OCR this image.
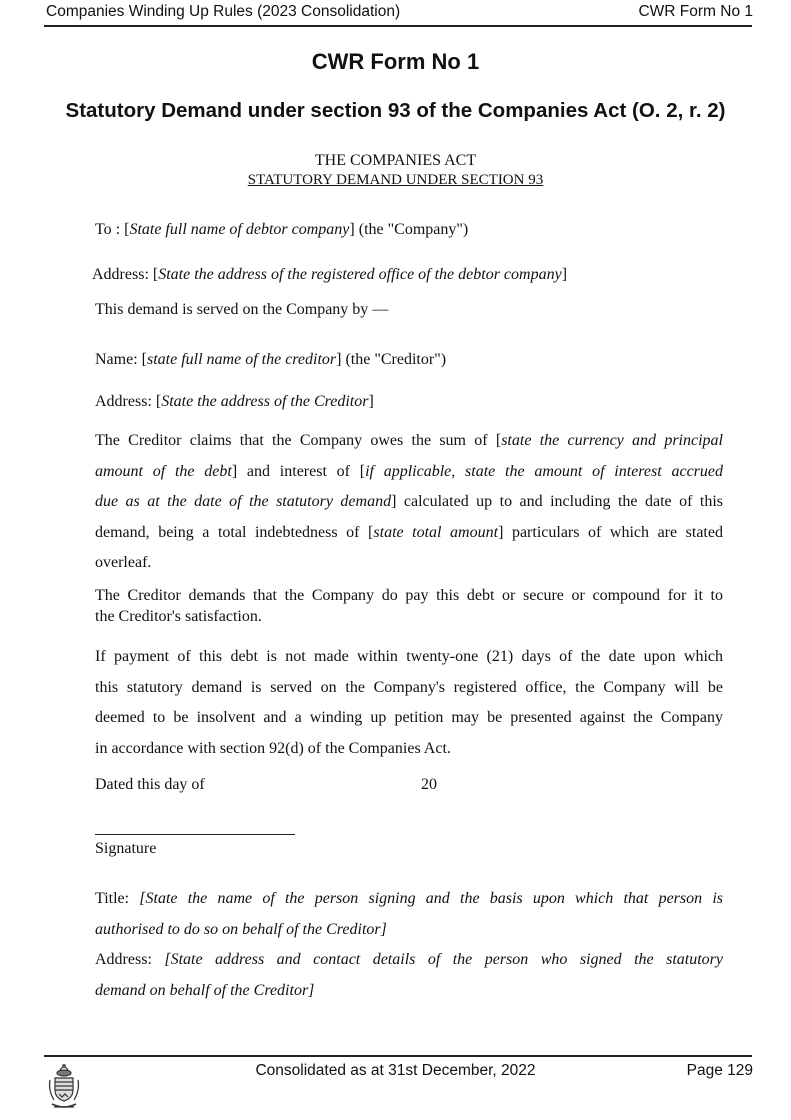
Companies Winding Up Rules (2023 Consolidation)	CWR Form No 1
CWR Form No 1
Statutory Demand under section 93 of the Companies Act (O. 2, r. 2)
THE COMPANIES ACT
STATUTORY DEMAND UNDER SECTION 93
To : [State full name of debtor company] (the "Company")
Address: [State the address of the registered office of the debtor company]
This demand is served on the Company by —
Name: [state full name of the creditor] (the "Creditor")
Address: [State the address of the Creditor]
The Creditor claims that the Company owes the sum of [state the currency and principal
amount of the debt] and interest of [if applicable, state the amount of interest accrued
due as at the date of the statutory demand] calculated up to and including the date of this
demand, being a total indebtedness of [state total amount] particulars of which are stated
overleaf.
The Creditor demands that the Company do pay this debt or secure or compound for it to
the Creditor's satisfaction.
If payment of this debt is not made within twenty-one (21) days of the date upon which
this statutory demand is served on the Company's registered office, the Company will be
deemed to be insolvent and a winding up petition may be presented against the Company
in accordance with section 92(d) of the Companies Act.
Dated this day of	20
Signature
Title: [State the name of the person signing and the basis upon which that person is
authorised to do so on behalf of the Creditor]
Address: [State address and contact details of the person who signed the statutory
demand on behalf of the Creditor]
Consolidated as at 31st December, 2022	Page 129
